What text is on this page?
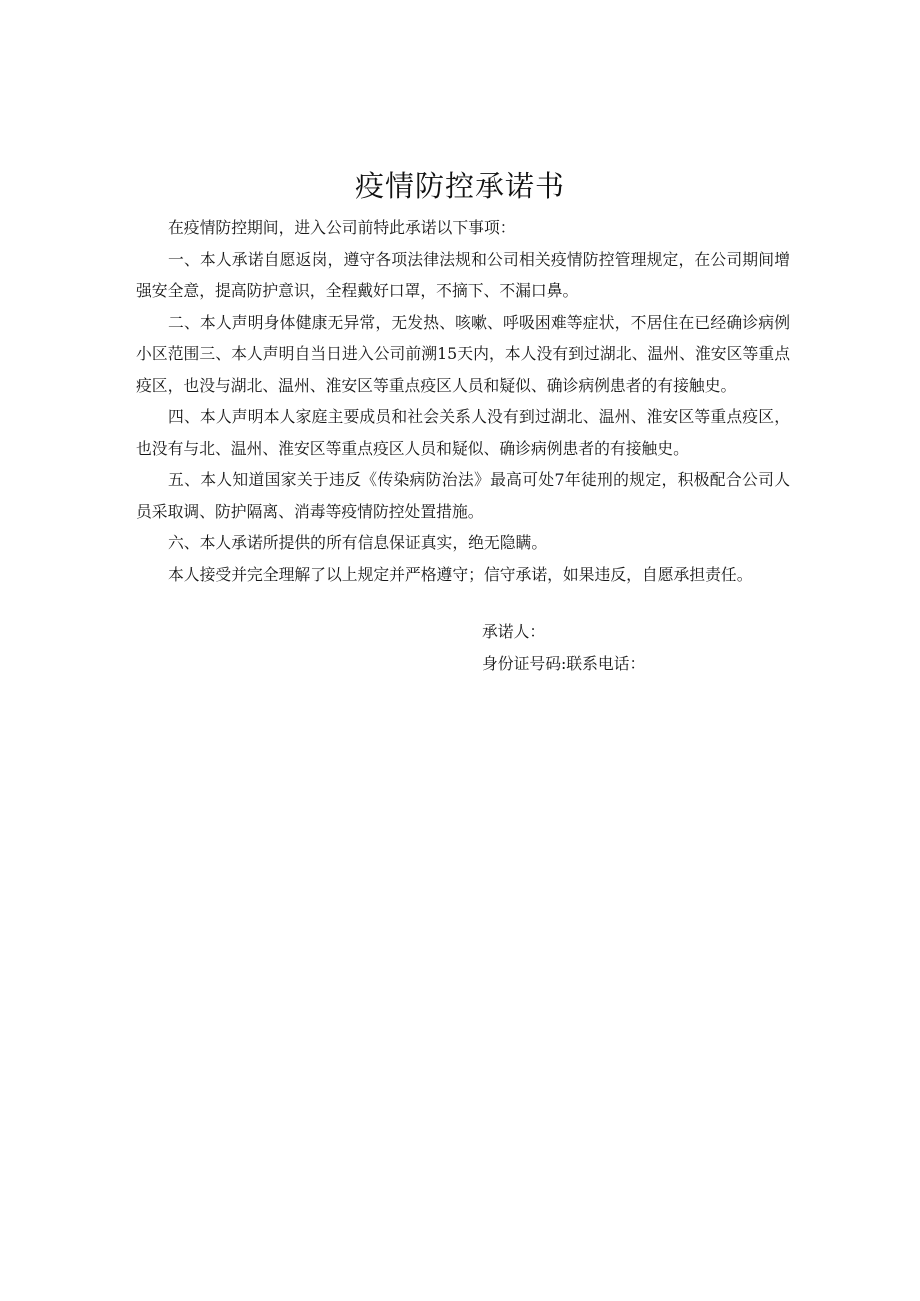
疫情防控承诺书

在疫情防控期间，进入公司前特此承诺以下事项：

一、本人承诺自愿返岗，遵守各项法律法规和公司相关疫情防控管理规定，在公司期间增强安全意，提高防护意识，全程戴好口罩，不摘下、不漏口鼻。

二、本人声明身体健康无异常，无发热、咳嗽、呼吸困难等症状，不居住在已经确诊病例小区范围三、本人声明自当日进入公司前溯15天内，本人没有到过湖北、温州、淮安区等重点疫区，也没与湖北、温州、淮安区等重点疫区人员和疑似、确诊病例患者的有接触史。

四、本人声明本人家庭主要成员和社会关系人没有到过湖北、温州、淮安区等重点疫区，也没有与北、温州、淮安区等重点疫区人员和疑似、确诊病例患者的有接触史。

五、本人知道国家关于违反《传染病防治法》最高可处7年徒刑的规定，积极配合公司人员采取调、防护隔离、消毒等疫情防控处置措施。

六、本人承诺所提供的所有信息保证真实，绝无隐瞒。

本人接受并完全理解了以上规定并严格遵守；信守承诺，如果违反，自愿承担责任。

承诺人：
身份证号码:联系电话：
